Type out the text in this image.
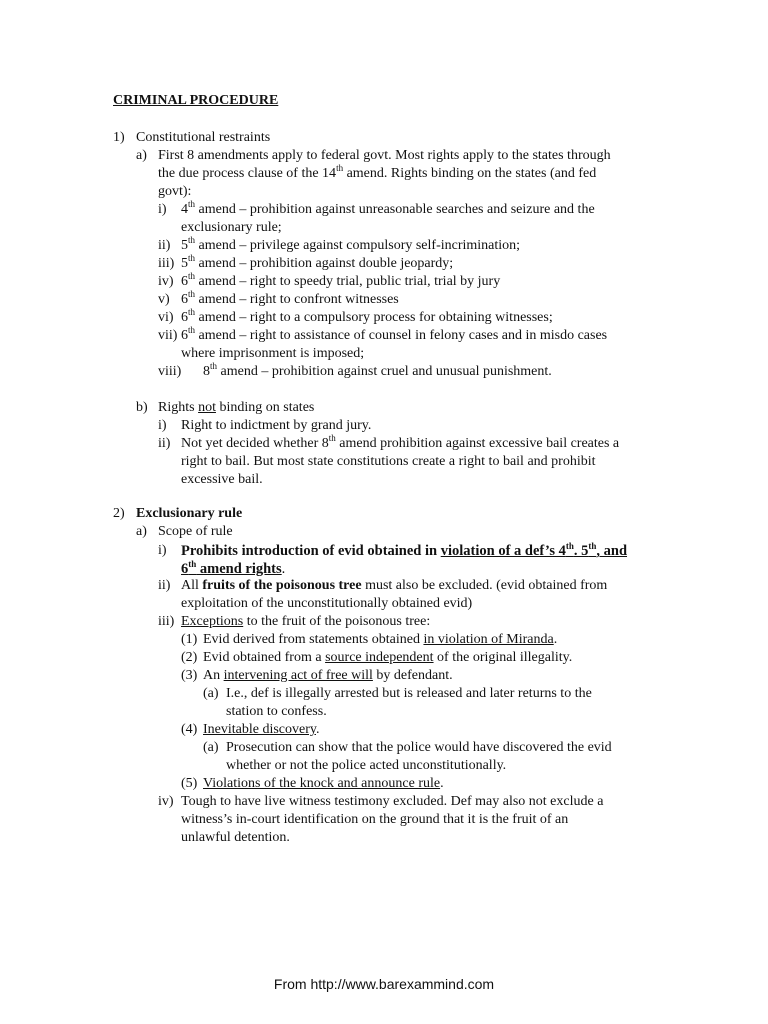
CRIMINAL PROCEDURE
1) Constitutional restraints
a) First 8 amendments apply to federal govt. Most rights apply to the states through
the due process clause of the 14th amend. Rights binding on the states (and fed
govt):
i) 4th amend – prohibition against unreasonable searches and seizure and the
exclusionary rule;
ii) 5th amend – privilege against compulsory self-incrimination;
iii) 5th amend – prohibition against double jeopardy;
iv) 6th amend – right to speedy trial, public trial, trial by jury
v) 6th amend – right to confront witnesses
vi) 6th amend – right to a compulsory process for obtaining witnesses;
vii) 6th amend – right to assistance of counsel in felony cases and in misdo cases
where imprisonment is imposed;
viii) 8th amend – prohibition against cruel and unusual punishment.
b) Rights not binding on states
i) Right to indictment by grand jury.
ii) Not yet decided whether 8th amend prohibition against excessive bail creates a
right to bail. But most state constitutions create a right to bail and prohibit
excessive bail.
2) Exclusionary rule
a) Scope of rule
i) Prohibits introduction of evid obtained in violation of a def’s 4th. 5th, and
6th amend rights.
ii) All fruits of the poisonous tree must also be excluded. (evid obtained from
exploitation of the unconstitutionally obtained evid)
iii) Exceptions to the fruit of the poisonous tree:
(1) Evid derived from statements obtained in violation of Miranda.
(2) Evid obtained from a source independent of the original illegality.
(3) An intervening act of free will by defendant.
(a) I.e., def is illegally arrested but is released and later returns to the
station to confess.
(4) Inevitable discovery.
(a) Prosecution can show that the police would have discovered the evid
whether or not the police acted unconstitutionally.
(5) Violations of the knock and announce rule.
iv) Tough to have live witness testimony excluded. Def may also not exclude a
witness’s in-court identification on the ground that it is the fruit of an
unlawful detention.
From http://www.barexammind.com
